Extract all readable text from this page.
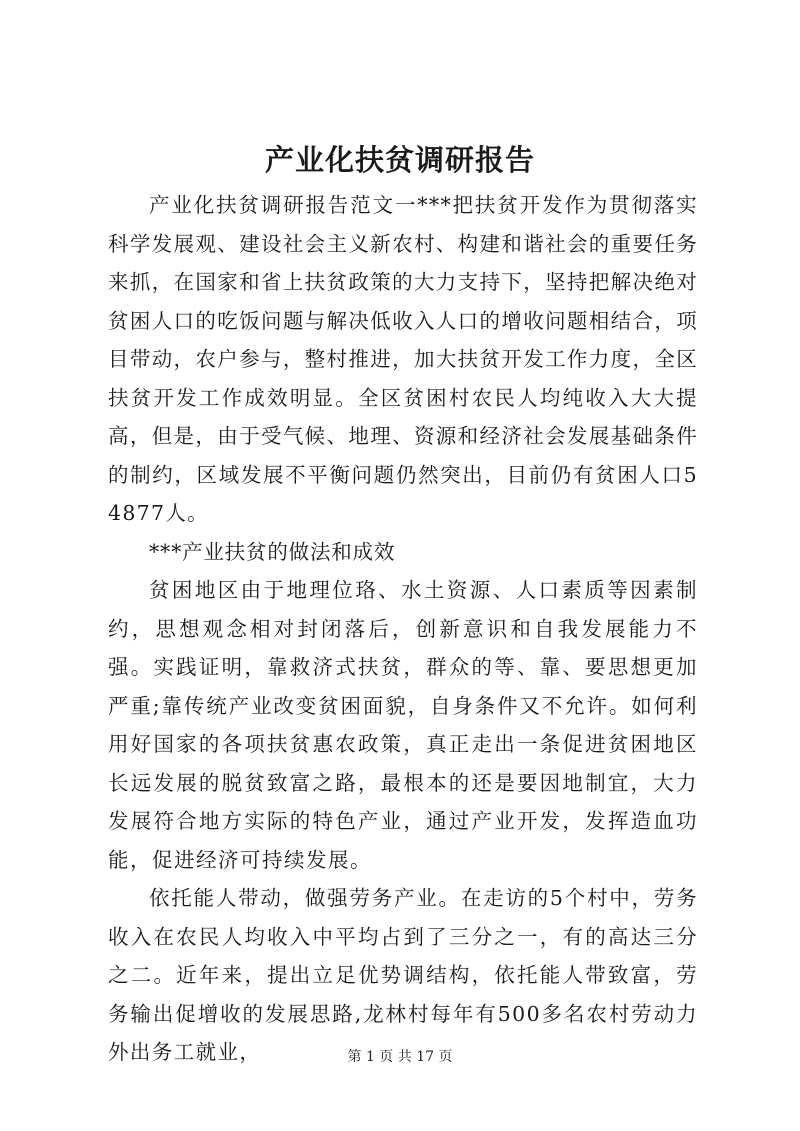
产业化扶贫调研报告

产业化扶贫调研报告范文一***把扶贫开发作为贯彻落实科学发展观、建设社会主义新农村、构建和谐社会的重要任务来抓，在国家和省上扶贫政策的大力支持下，坚持把解决绝对贫困人口的吃饭问题与解决低收入人口的增收问题相结合，项目带动，农户参与，整村推进，加大扶贫开发工作力度，全区扶贫开发工作成效明显。全区贫困村农民人均纯收入大大提高，但是，由于受气候、地理、资源和经济社会发展基础条件的制约，区域发展不平衡问题仍然突出，目前仍有贫困人口54877人。

***产业扶贫的做法和成效

贫困地区由于地理位珞、水土资源、人口素质等因素制约，思想观念相对封闭落后，创新意识和自我发展能力不强。实践证明，靠救济式扶贫，群众的等、靠、要思想更加严重;靠传统产业改变贫困面貌，自身条件又不允许。如何利用好国家的各项扶贫惠农政策，真正走出一条促进贫困地区长远发展的脱贫致富之路，最根本的还是要因地制宜，大力发展符合地方实际的特色产业，通过产业开发，发挥造血功能，促进经济可持续发展。

依托能人带动，做强劳务产业。在走访的5个村中，劳务收入在农民人均收入中平均占到了三分之一，有的高达三分之二。近年来，提出立足优势调结构，依托能人带致富，劳务输出促增收的发展思路,龙林村每年有500多名农村劳动力外出务工就业，	第 1 页 共 17 页
